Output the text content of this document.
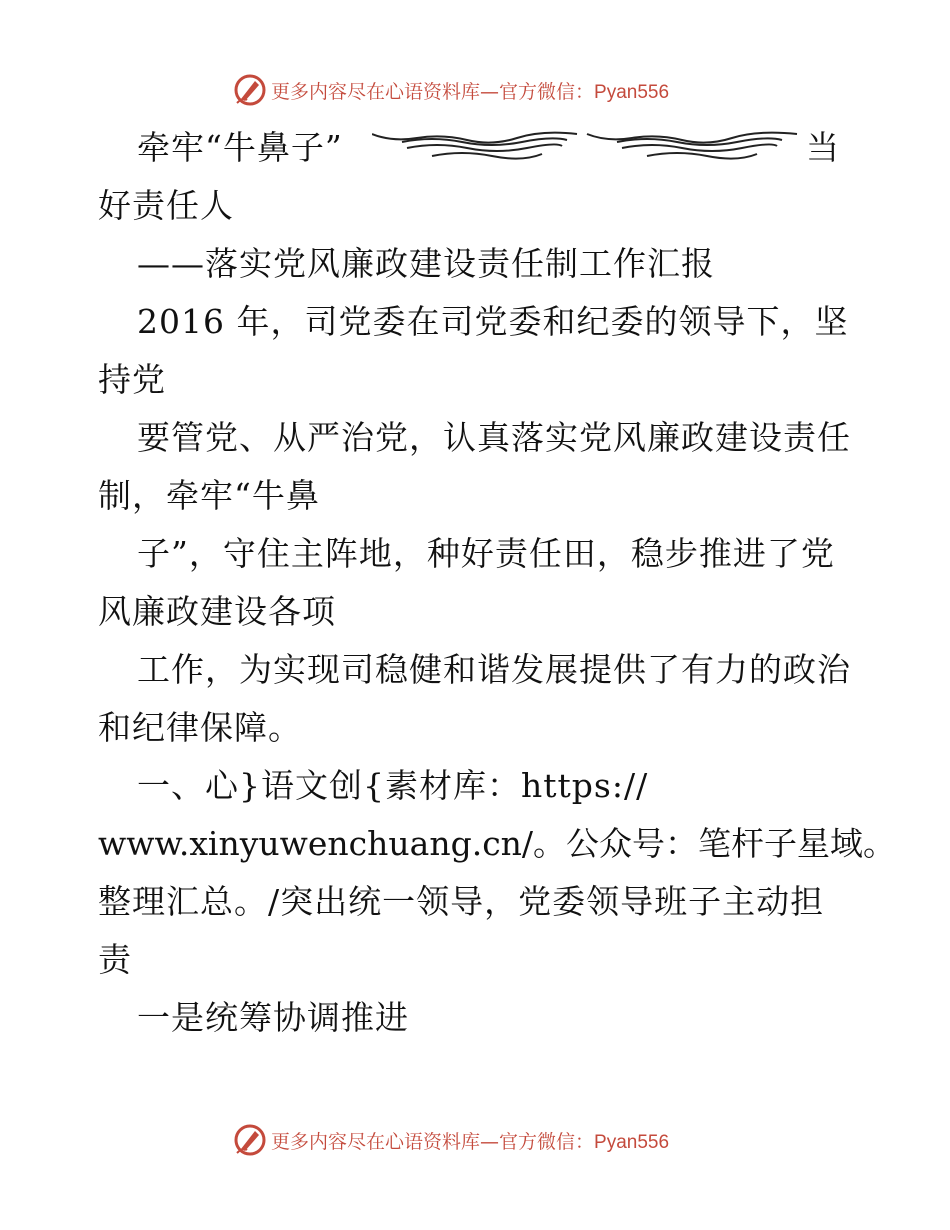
更多内容尽在心语资料库—官方微信：Pyan556
牵牢“牛鼻子”	当
好责任人
——落实党风廉政建设责任制工作汇报
2016 年，司党委在司党委和纪委的领导下，坚
持党
要管党、从严治党，认真落实党风廉政建设责任
制，牵牢“牛鼻
子”，守住主阵地，种好责任田，稳步推进了党
风廉政建设各项
工作，为实现司稳健和谐发展提供了有力的政治
和纪律保障。
一、心}语文创{素材库：https://
www.xinyuwenchuang.cn/。公众号：笔杆子星域。
整理汇总。/突出统一领导，党委领导班子主动担
责
一是统筹协调推进
更多内容尽在心语资料库—官方微信：Pyan556
